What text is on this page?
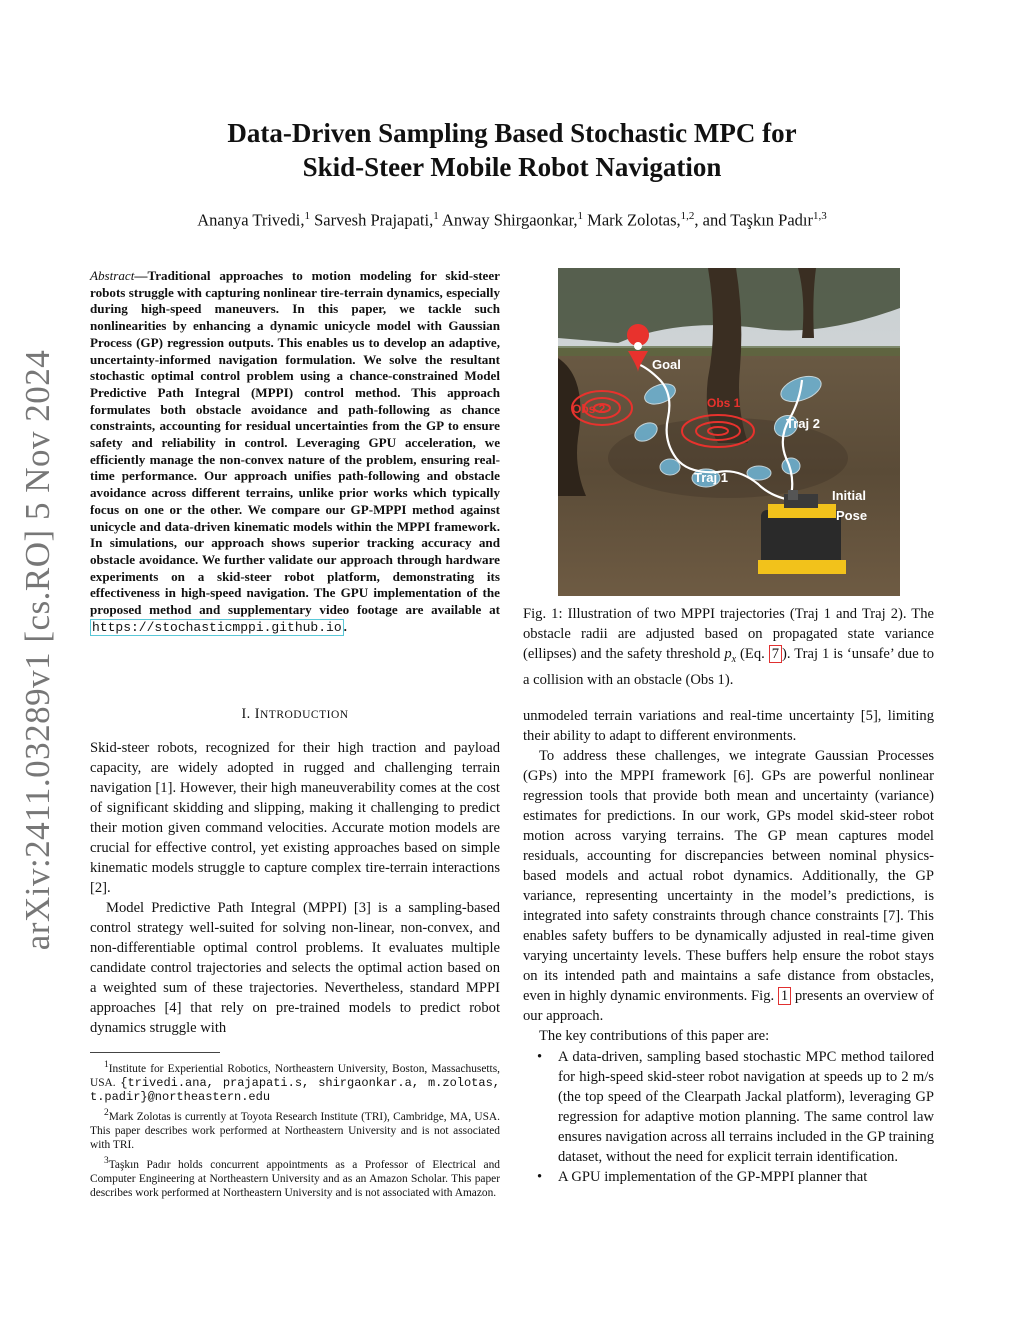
arXiv:2411.03289v1 [cs.RO] 5 Nov 2024
Data-Driven Sampling Based Stochastic MPC for
Skid-Steer Mobile Robot Navigation
Ananya Trivedi,$^1$ Sarvesh Prajapati,$^1$ Anway Shirgaonkar,$^1$ Mark Zolotas,$^{1,2}$, and Taşkın Padır$^{1,3}$
Abstract—Traditional approaches to motion modeling for skid-steer robots struggle with capturing nonlinear tire-terrain dynamics, especially during high-speed maneuvers. In this paper, we tackle such nonlinearities by enhancing a dynamic unicycle model with Gaussian Process (GP) regression outputs. This enables us to develop an adaptive, uncertainty-informed navigation formulation. We solve the resultant stochastic optimal control problem using a chance-constrained Model Predictive Path Integral (MPPI) control method. This approach formulates both obstacle avoidance and path-following as chance constraints, accounting for residual uncertainties from the GP to ensure safety and reliability in control. Leveraging GPU acceleration, we efficiently manage the non-convex nature of the problem, ensuring real-time performance. Our approach unifies path-following and obstacle avoidance across different terrains, unlike prior works which typically focus on one or the other. We compare our GP-MPPI method against unicycle and data-driven kinematic models within the MPPI framework. In simulations, our approach shows superior tracking accuracy and obstacle avoidance. We further validate our approach through hardware experiments on a skid-steer robot platform, demonstrating its effectiveness in high-speed navigation. The GPU implementation of the proposed method and supplementary video footage are available at https://stochasticmppi.github.io .
I. INTRODUCTION

Skid-steer robots, recognized for their high traction and payload capacity, are widely adopted in rugged and challenging terrain navigation [1]. However, their high maneuverability comes at the cost of significant skidding and slipping, making it challenging to predict their motion given command velocities. Accurate motion models are crucial for effective control, yet existing approaches based on simple kinematic models struggle to capture complex tire-terrain interactions [2].

Model Predictive Path Integral (MPPI) [3] is a sampling-based control strategy well-suited for solving non-linear, non-convex, and non-differentiable optimal control problems. It evaluates multiple candidate control trajectories and selects the optimal action based on a weighted sum of these trajectories. Nevertheless, standard MPPI approaches [4] that rely on pre-trained models to predict robot dynamics struggle with

$^1$Institute for Experiential Robotics, Northeastern University, Boston, Massachusetts, USA. {trivedi.ana, prajapati.s, shirgaonkar.a, m.zolotas, t.padir}@northeastern.edu

$^2$Mark Zolotas is currently at Toyota Research Institute (TRI), Cambridge, MA, USA. This paper describes work performed at Northeastern University and is not associated with TRI.

$^3$Taşkın Padır holds concurrent appointments as a Professor of Electrical and Computer Engineering at Northeastern University and as an Amazon Scholar. This paper describes work performed at Northeastern University and is not associated with Amazon.

Goal
Obs 2	Obs 1
Traj 2
Traj 1
Initial
Pose
Fig. 1: Illustration of two MPPI trajectories (Traj 1 and Traj 2). The obstacle radii are adjusted based on propagated state variance (ellipses) and the safety threshold $p_x$ (Eq. 7 ). Traj 1 is ‘unsafe’ due to a collision with an obstacle (Obs 1).

unmodeled terrain variations and real-time uncertainty [5], limiting their ability to adapt to different environments.

To address these challenges, we integrate Gaussian Processes (GPs) into the MPPI framework [6]. GPs are powerful nonlinear regression tools that provide both mean and uncertainty (variance) estimates for predictions. In our work, GPs model skid-steer robot motion across varying terrains. The GP mean captures model residuals, accounting for discrepancies between nominal physics-based models and actual robot dynamics. Additionally, the GP variance, representing uncertainty in the model’s predictions, is integrated into safety constraints through chance constraints [7]. This enables safety buffers to be dynamically adjusted in real-time given varying uncertainty levels. These buffers help ensure the robot stays on its intended path and maintains a safe distance from obstacles, even in highly dynamic environments. Fig. 1 presents an overview of our approach.

The key contributions of this paper are:

• A data-driven, sampling based stochastic MPC method tailored for high-speed skid-steer robot navigation at speeds up to 2 m/s (the top speed of the Clearpath Jackal platform), leveraging GP regression for adaptive motion planning. The same control law ensures navigation across all terrains included in the GP training dataset, without the need for explicit terrain identification.
• A GPU implementation of the GP-MPPI planner that
